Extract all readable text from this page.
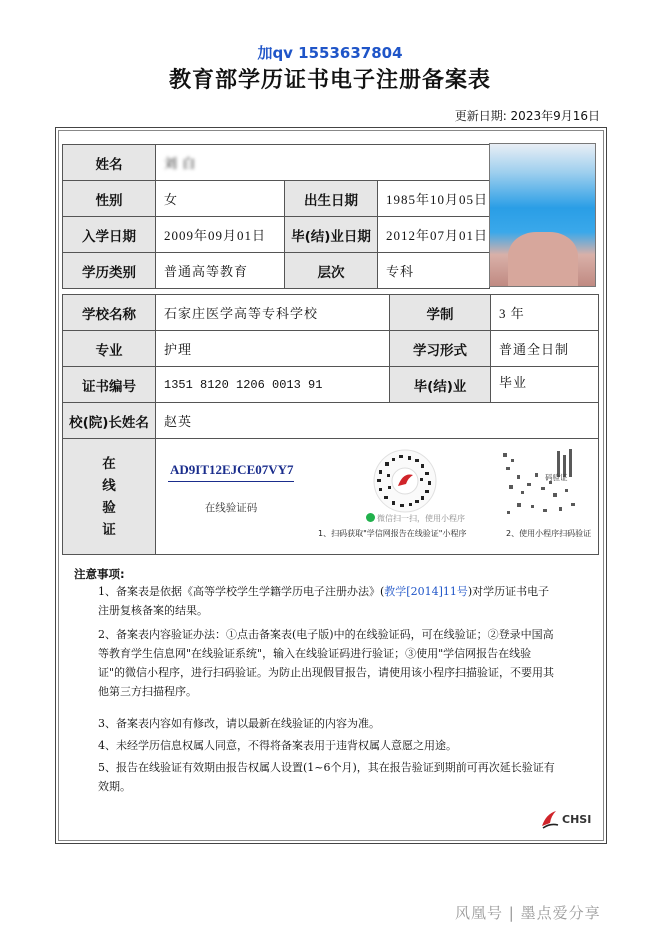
加qv 1553637804
教育部学历证书电子注册备案表
更新日期: 2023年9月16日
姓名	刘 白
性别	女	出生日期	1985年10月05日
入学日期	2009年09月01日	毕(结)业日期	2012年07月01日
学历类别	普通高等教育	层次	专科
学校名称	石家庄医学高等专科学校	学制	3 年
专业	护理	学习形式	普通全日制
证书编号	1351 8120 1206 0013 91	毕(结)业	毕业
校(院)长姓名	赵英
在
线
验
证
AD9IT12EJCE07VY7
在线验证码
微信扫一扫，使用小程序
1、扫码获取"学信网报告在线验证"小程序
码验证
2、使用小程序扫码验证
注意事项:
1、备案表是依据《高等学校学生学籍学历电子注册办法》(教学[2014]11号)对学历证书电子注册复核备案的结果。
2、备案表内容验证办法：①点击备案表(电子版)中的在线验证码，可在线验证；②登录中国高等教育学生信息网"在线验证系统"，输入在线验证码进行验证；③使用"学信网报告在线验证"的微信小程序，进行扫码验证。为防止出现假冒报告，请使用该小程序扫描验证，不要用其他第三方扫描程序。
3、备案表内容如有修改，请以最新在线验证的内容为准。
4、未经学历信息权属人同意，不得将备案表用于违背权属人意愿之用途。
5、报告在线验证有效期由报告权属人设置(1~6个月)，其在报告验证到期前可再次延长验证有效期。
CHSI
风凰号 | 墨点爱分享
